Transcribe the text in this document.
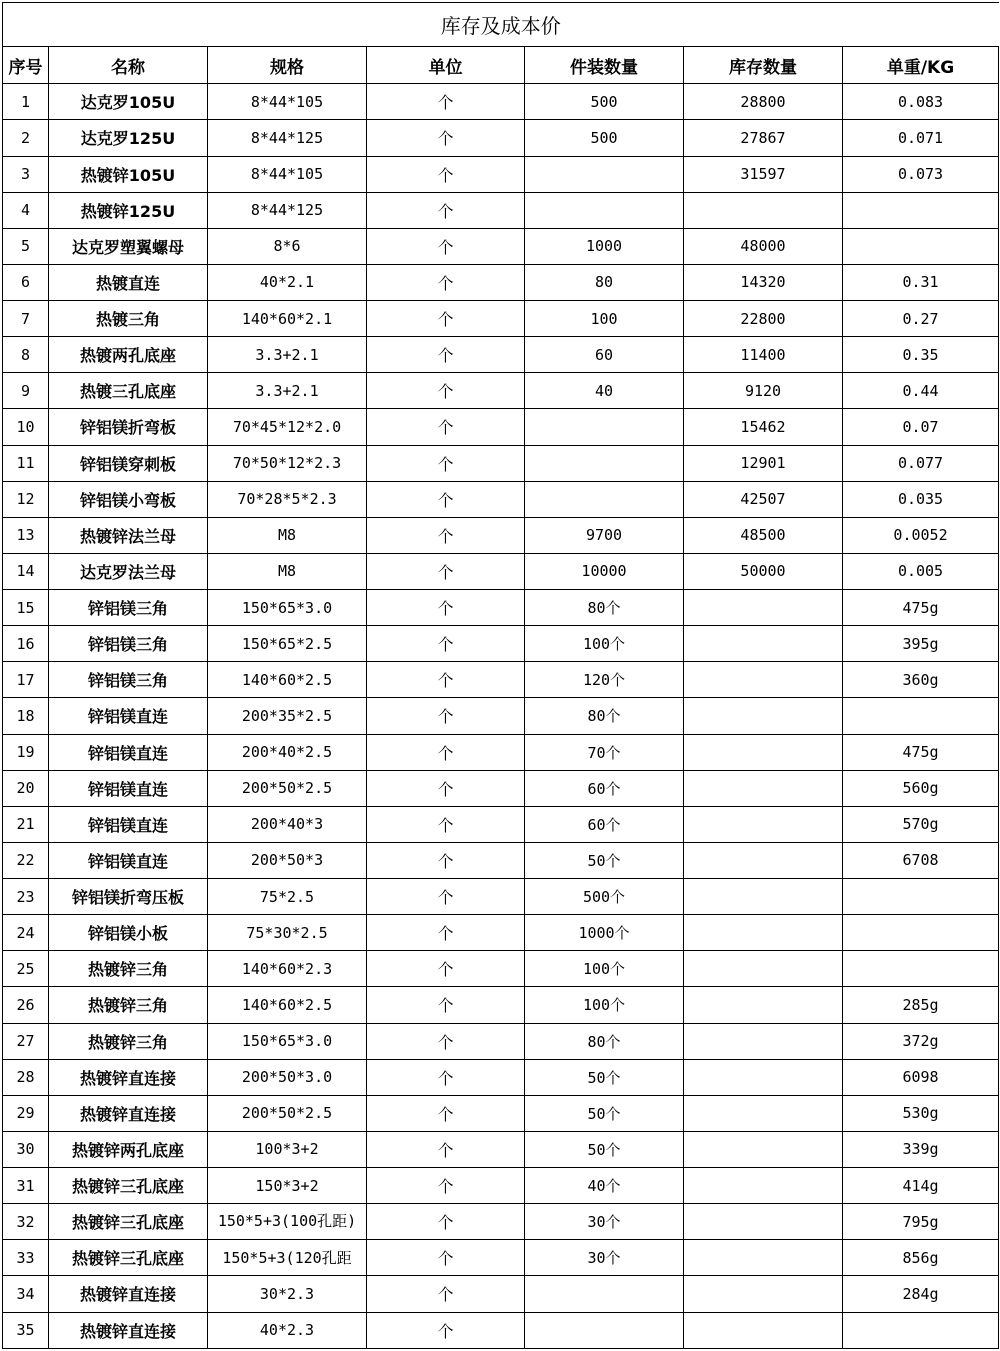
库存及成本价						
序号	名称	规格	单位	件装数量	库存数量	单重/KG
1	达克罗105U	8*44*105	个	500	28800	0.083
2	达克罗125U	8*44*125	个	500	27867	0.071
3	热镀锌105U	8*44*105	个		31597	0.073
4	热镀锌125U	8*44*125	个			
5	达克罗塑翼螺母	8*6	个	1000	48000	
6	热镀直连	40*2.1	个	80	14320	0.31
7	热镀三角	140*60*2.1	个	100	22800	0.27
8	热镀两孔底座	3.3+2.1	个	60	11400	0.35
9	热镀三孔底座	3.3+2.1	个	40	9120	0.44
10	锌铝镁折弯板	70*45*12*2.0	个		15462	0.07
11	锌铝镁穿刺板	70*50*12*2.3	个		12901	0.077
12	锌铝镁小弯板	70*28*5*2.3	个		42507	0.035
13	热镀锌法兰母	M8	个	9700	48500	0.0052
14	达克罗法兰母	M8	个	10000	50000	0.005
15	锌铝镁三角	150*65*3.0	个	80个		475g
16	锌铝镁三角	150*65*2.5	个	100个		395g
17	锌铝镁三角	140*60*2.5	个	120个		360g
18	锌铝镁直连	200*35*2.5	个	80个		
19	锌铝镁直连	200*40*2.5	个	70个		475g
20	锌铝镁直连	200*50*2.5	个	60个		560g
21	锌铝镁直连	200*40*3	个	60个		570g
22	锌铝镁直连	200*50*3	个	50个		6708
23	锌铝镁折弯压板	75*2.5	个	500个		
24	锌铝镁小板	75*30*2.5	个	1000个		
25	热镀锌三角	140*60*2.3	个	100个		
26	热镀锌三角	140*60*2.5	个	100个		285g
27	热镀锌三角	150*65*3.0	个	80个		372g
28	热镀锌直连接	200*50*3.0	个	50个		6098
29	热镀锌直连接	200*50*2.5	个	50个		530g
30	热镀锌两孔底座	100*3+2	个	50个		339g
31	热镀锌三孔底座	150*3+2	个	40个		414g
32	热镀锌三孔底座	150*5+3(100孔距)	个	30个		795g
33	热镀锌三孔底座	150*5+3(120孔距	个	30个		856g
34	热镀锌直连接	30*2.3	个			284g
35	热镀锌直连接	40*2.3	个			
